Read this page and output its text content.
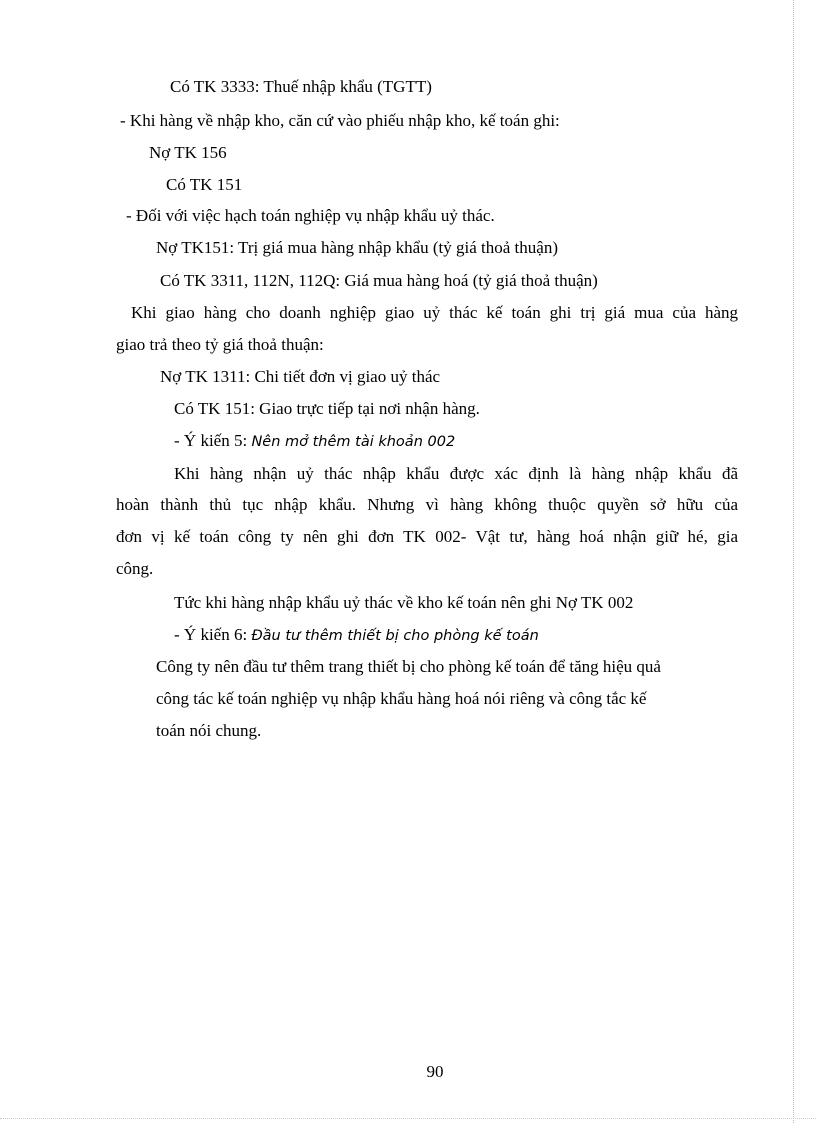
Có TK 3333: Thuế nhập khẩu (TGTT)
- Khi hàng về nhập kho, căn cứ vào phiếu nhập kho, kế toán ghi:
Nợ TK 156
Có TK 151
- Đối với việc hạch toán nghiệp vụ nhập khẩu uỷ thác.
Nợ TK151: Trị giá mua hàng nhập khẩu (tỷ giá thoả thuận)
Có TK 3311, 112N, 112Q: Giá mua hàng hoá (tỷ giá thoả thuận)
Khi giao hàng cho doanh nghiệp giao uỷ thác kế toán ghi trị giá mua của hàng
giao trả theo tỷ giá thoả thuận:
Nợ TK 1311: Chi tiết đơn vị giao uỷ thác
Có TK 151: Giao trực tiếp tại nơi nhận hàng.
- Ý kiến 5: Nên mở thêm tài khoản 002
Khi hàng nhận uỷ thác nhập khẩu được xác định là hàng nhập khẩu đã
hoàn thành thủ tục nhập khẩu. Nhưng vì hàng không thuộc quyền sở hữu của
đơn vị kế toán công ty nên ghi đơn TK 002- Vật tư, hàng hoá nhận giữ hé, gia
công.
Tức khi hàng nhập khẩu uỷ thác về kho kế toán nên ghi Nợ TK 002
- Ý kiến 6: Đầu tư thêm thiết bị cho phòng kế toán
Công ty nên đầu tư thêm trang thiết bị cho phòng kế toán để tăng hiệu quả
công tác kế toán nghiệp vụ nhập khẩu hàng hoá nói riêng và công tắc kế
toán nói chung.
90
